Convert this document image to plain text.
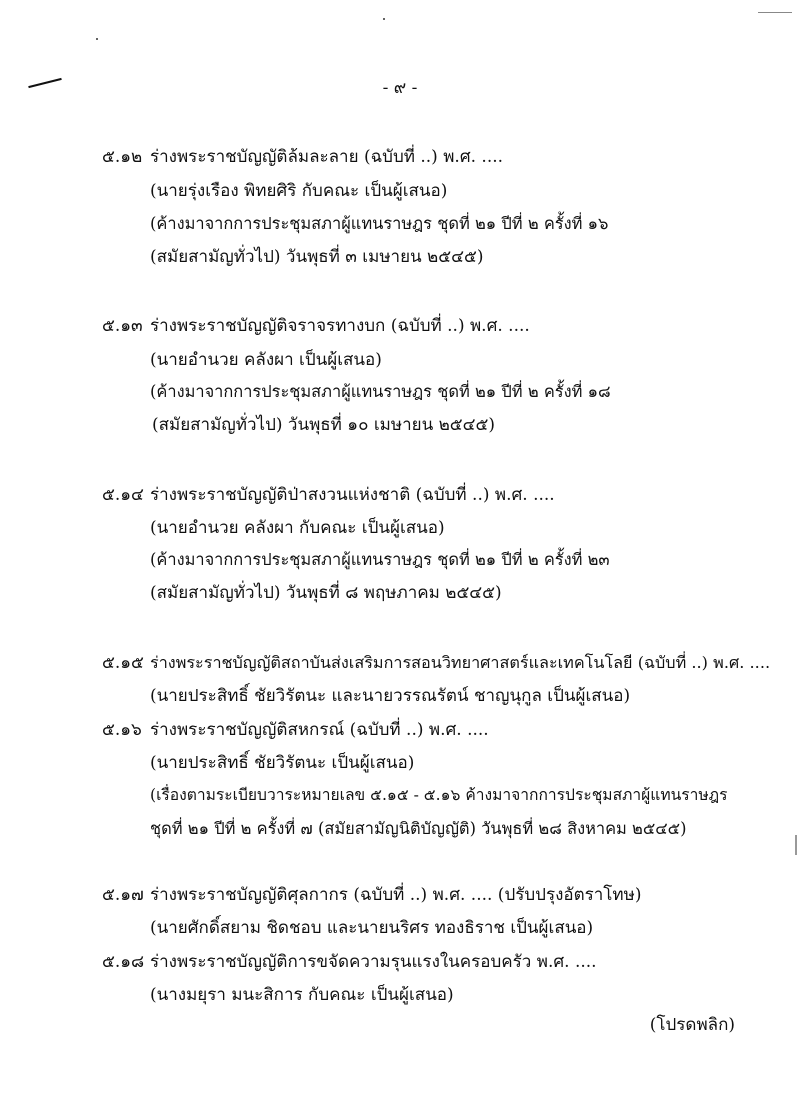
- ๙ -
๕.๑๒ ร่างพระราชบัญญัติล้มละลาย (ฉบับที่ ..) พ.ศ. ....
(นายรุ่งเรือง พิทยศิริ กับคณะ เป็นผู้เสนอ)
(ค้างมาจากการประชุมสภาผู้แทนราษฎร ชุดที่ ๒๑ ปีที่ ๒ ครั้งที่ ๑๖
(สมัยสามัญทั่วไป) วันพุธที่ ๓ เมษายน ๒๕๔๕)
๕.๑๓ ร่างพระราชบัญญัติจราจรทางบก (ฉบับที่ ..) พ.ศ. ....
(นายอำนวย คลังผา เป็นผู้เสนอ)
(ค้างมาจากการประชุมสภาผู้แทนราษฎร ชุดที่ ๒๑ ปีที่ ๒ ครั้งที่ ๑๘
(สมัยสามัญทั่วไป) วันพุธที่ ๑๐ เมษายน ๒๕๔๕)
๕.๑๔ ร่างพระราชบัญญัติป่าสงวนแห่งชาติ (ฉบับที่ ..) พ.ศ. ....
(นายอำนวย คลังผา กับคณะ เป็นผู้เสนอ)
(ค้างมาจากการประชุมสภาผู้แทนราษฎร ชุดที่ ๒๑ ปีที่ ๒ ครั้งที่ ๒๓
(สมัยสามัญทั่วไป) วันพุธที่ ๘ พฤษภาคม ๒๕๔๕)
๕.๑๕ ร่างพระราชบัญญัติสถาบันส่งเสริมการสอนวิทยาศาสตร์และเทคโนโลยี (ฉบับที่ ..) พ.ศ. ....
(นายประสิทธิ์ ชัยวิรัตนะ และนายวรรณรัตน์ ชาญนุกูล เป็นผู้เสนอ)
๕.๑๖ ร่างพระราชบัญญัติสหกรณ์ (ฉบับที่ ..) พ.ศ. ....
(นายประสิทธิ์ ชัยวิรัตนะ เป็นผู้เสนอ)
(เรื่องตามระเบียบวาระหมายเลข ๕.๑๕ - ๕.๑๖ ค้างมาจากการประชุมสภาผู้แทนราษฎร
ชุดที่ ๒๑ ปีที่ ๒ ครั้งที่ ๗ (สมัยสามัญนิติบัญญัติ) วันพุธที่ ๒๘ สิงหาคม ๒๕๔๕)
๕.๑๗ ร่างพระราชบัญญัติศุลกากร (ฉบับที่ ..) พ.ศ. .... (ปรับปรุงอัตราโทษ)
(นายศักดิ์สยาม ชิดชอบ และนายนริศร ทองธิราช เป็นผู้เสนอ)
๕.๑๘ ร่างพระราชบัญญัติการขจัดความรุนแรงในครอบครัว พ.ศ. ....
(นางมยุรา มนะสิการ กับคณะ เป็นผู้เสนอ)
(โปรดพลิก)
